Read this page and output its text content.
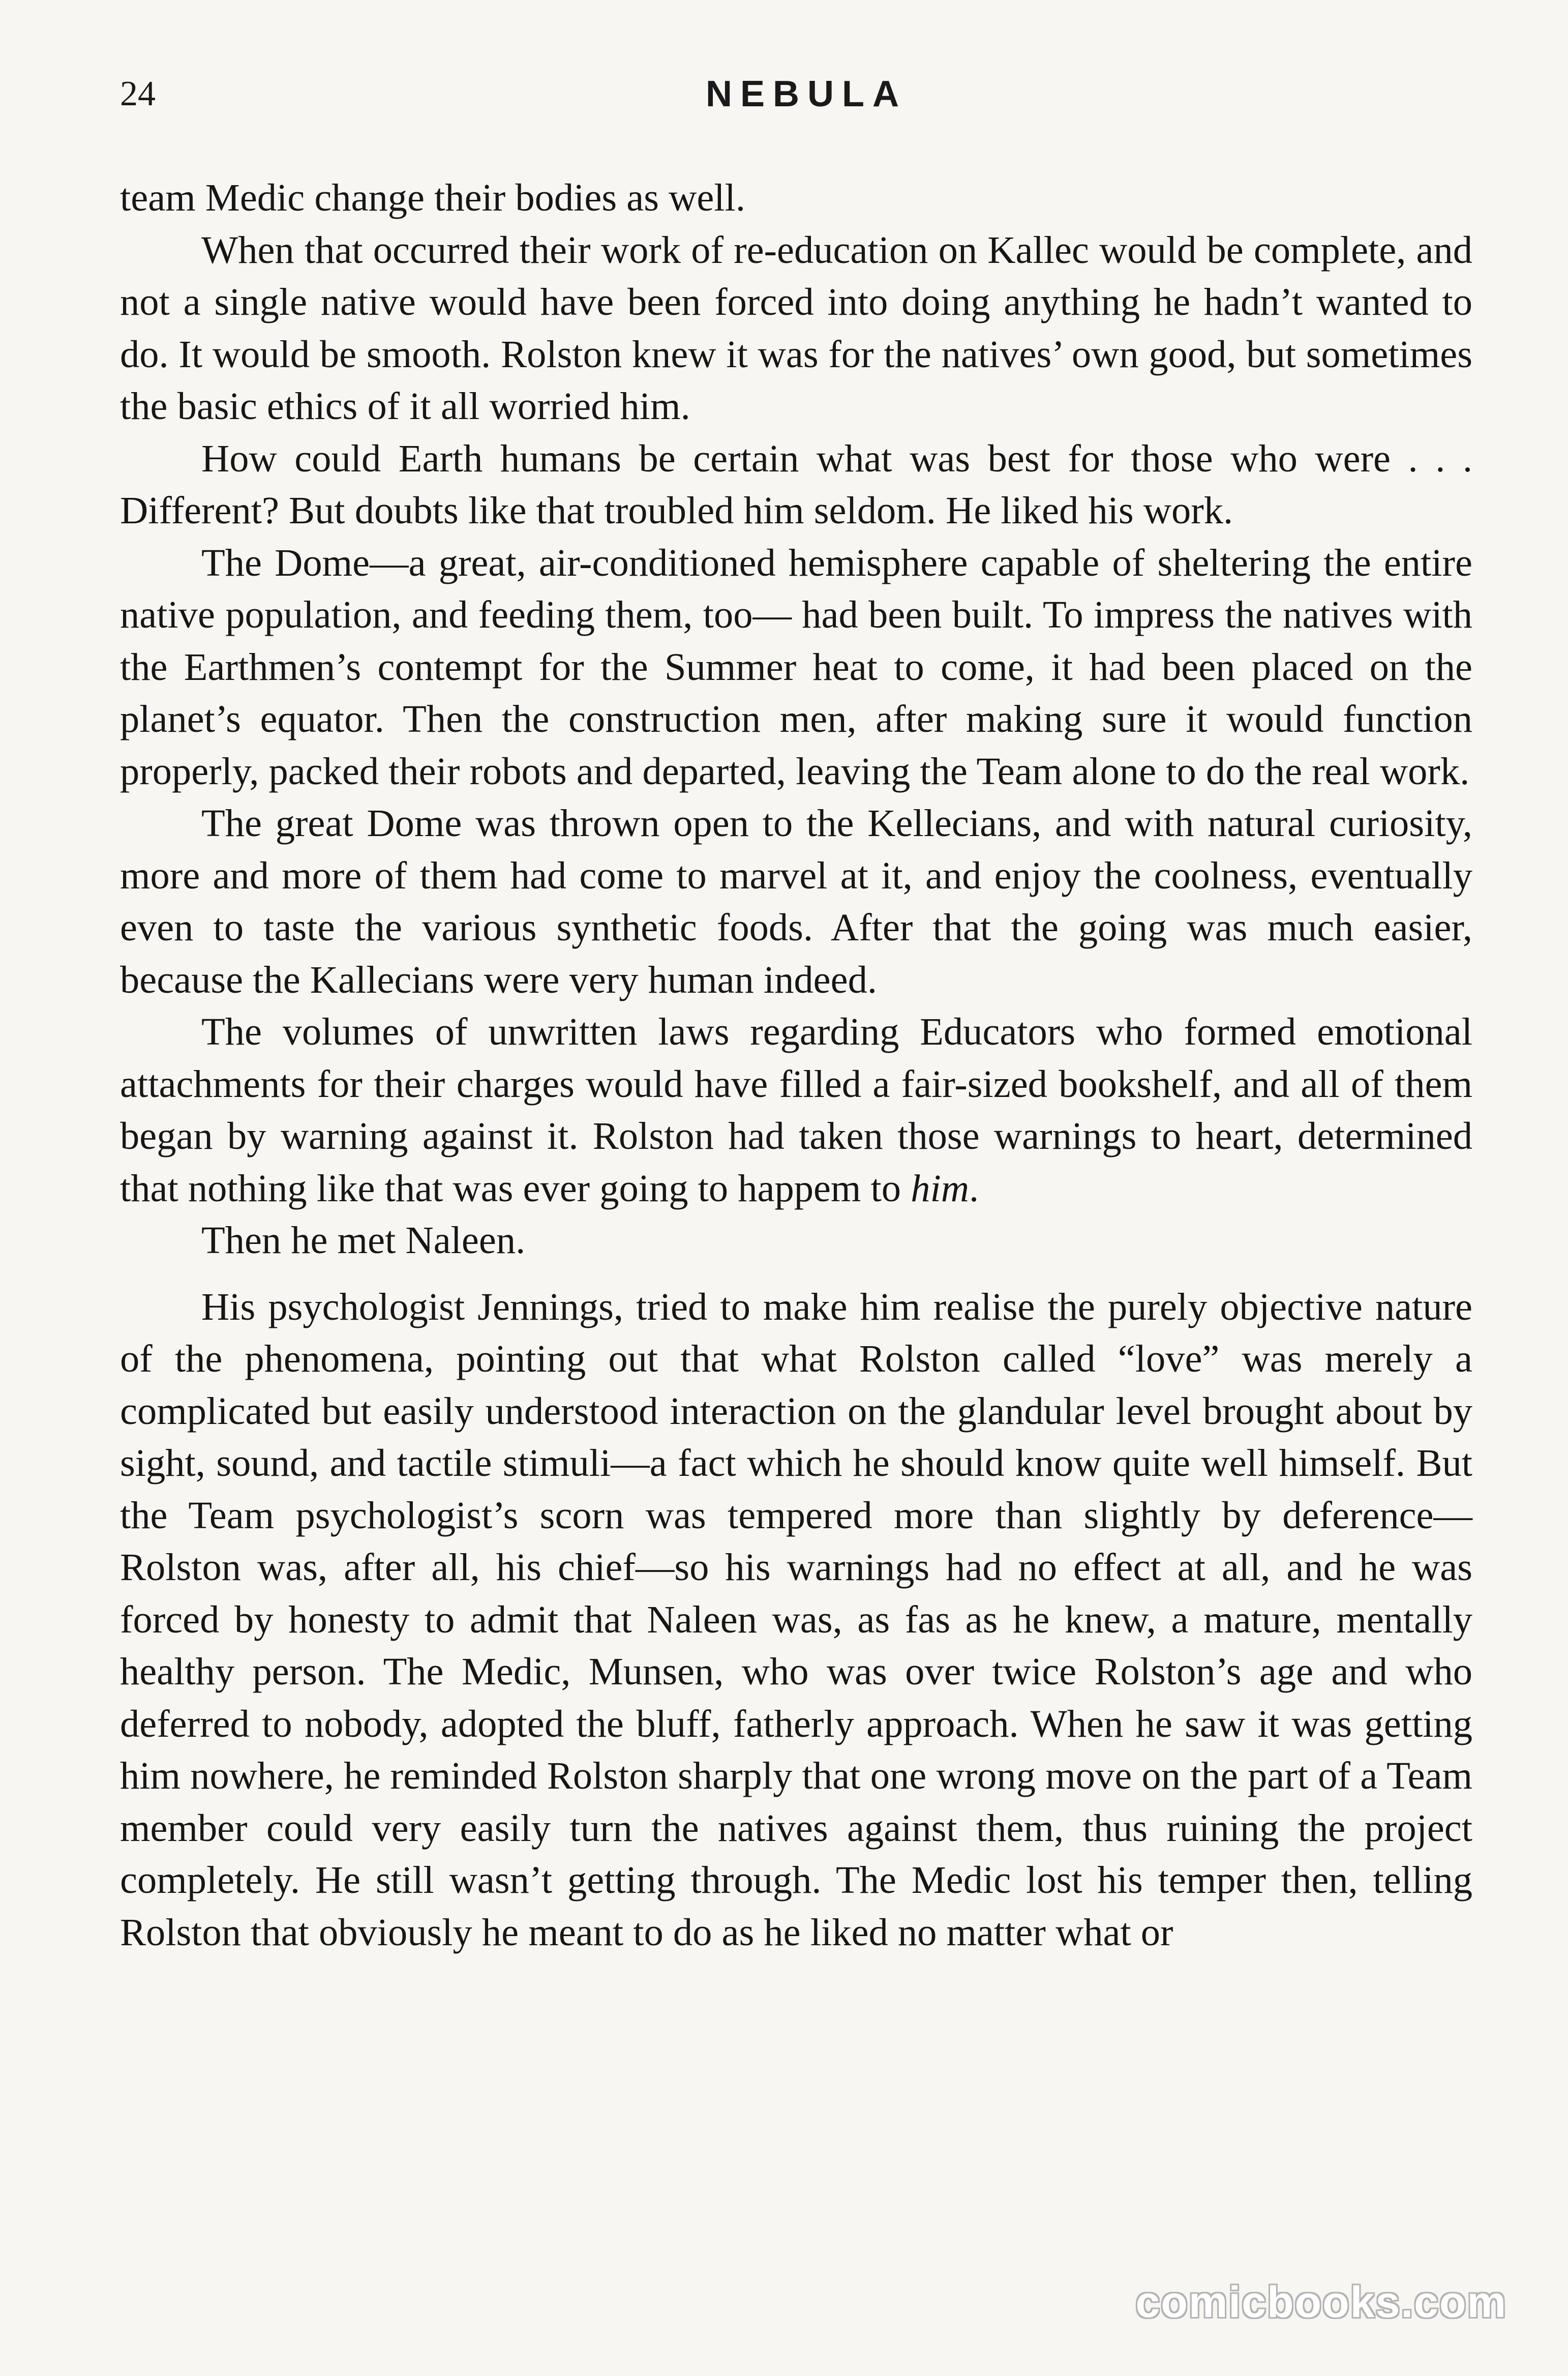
24	NEBULA

team Medic change their bodies as well.

When that occurred their work of re-education on Kallec would be complete, and not a single native would have been forced into doing anything he hadn’t wanted to do. It would be smooth. Rolston knew it was for the natives’ own good, but sometimes the basic ethics of it all worried him.

How could Earth humans be certain what was best for those who were . . . Different? But doubts like that troubled him seldom. He liked his work.

The Dome—a great, air-conditioned hemisphere capable of sheltering the entire native population, and feeding them, too— had been built. To impress the natives with the Earthmen’s contempt for the Summer heat to come, it had been placed on the planet’s equator. Then the construction men, after making sure it would function properly, packed their robots and departed, leaving the Team alone to do the real work.

The great Dome was thrown open to the Kellecians, and with natural curiosity, more and more of them had come to marvel at it, and enjoy the coolness, eventually even to taste the various synthetic foods. After that the going was much easier, because the Kallecians were very human indeed.

The volumes of unwritten laws regarding Educators who formed emotional attachments for their charges would have filled a fair-sized bookshelf, and all of them began by warning against it. Rolston had taken those warnings to heart, determined that nothing like that was ever going to happem to him.

Then he met Naleen.

His psychologist Jennings, tried to make him realise the purely objective nature of the phenomena, pointing out that what Rolston called “love” was merely a complicated but easily understood interaction on the glandular level brought about by sight, sound, and tactile stimuli—a fact which he should know quite well himself. But the Team psychologist’s scorn was tempered more than slightly by deference—Rolston was, after all, his chief—so his warnings had no effect at all, and he was forced by honesty to admit that Naleen was, as fas as he knew, a mature, mentally healthy person. The Medic, Munsen, who was over twice Rolston’s age and who deferred to nobody, adopted the bluff, fatherly approach. When he saw it was getting him nowhere, he reminded Rolston sharply that one wrong move on the part of a Team member could very easily turn the natives against them, thus ruining the project completely. He still wasn’t getting through. The Medic lost his temper then, telling Rolston that obviously he meant to do as he liked no matter what or

comicbooks.com
